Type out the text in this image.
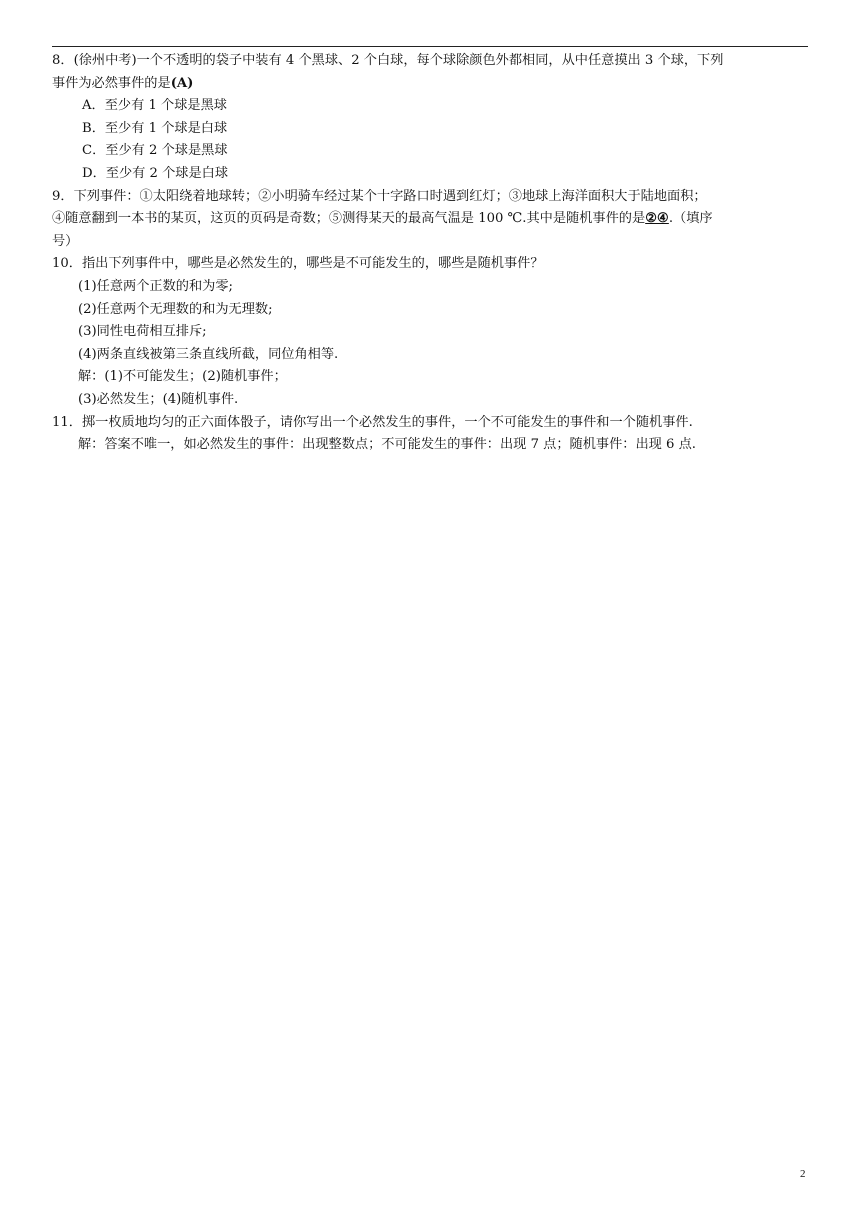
8．(徐州中考)一个不透明的袋子中装有 4 个黑球、2 个白球，每个球除颜色外都相同，从中任意摸出 3 个球，下列
事件为必然事件的是(A)
A．至少有 1 个球是黑球
B．至少有 1 个球是白球
C．至少有 2 个球是黑球
D．至少有 2 个球是白球
9．下列事件：①太阳绕着地球转；②小明骑车经过某个十字路口时遇到红灯；③地球上海洋面积大于陆地面积；
④随意翻到一本书的某页，这页的页码是奇数；⑤测得某天的最高气温是 100 ℃.其中是随机事件的是②④.（填序
号）
10．指出下列事件中，哪些是必然发生的，哪些是不可能发生的，哪些是随机事件？
(1)任意两个正数的和为零;
(2)任意两个无理数的和为无理数;
(3)同性电荷相互排斥;
(4)两条直线被第三条直线所截，同位角相等.
解：(1)不可能发生；(2)随机事件；
(3)必然发生；(4)随机事件.
11．掷一枚质地均匀的正六面体骰子，请你写出一个必然发生的事件，一个不可能发生的事件和一个随机事件.
解：答案不唯一，如必然发生的事件：出现整数点；不可能发生的事件：出现 7 点；随机事件：出现 6 点.
2
